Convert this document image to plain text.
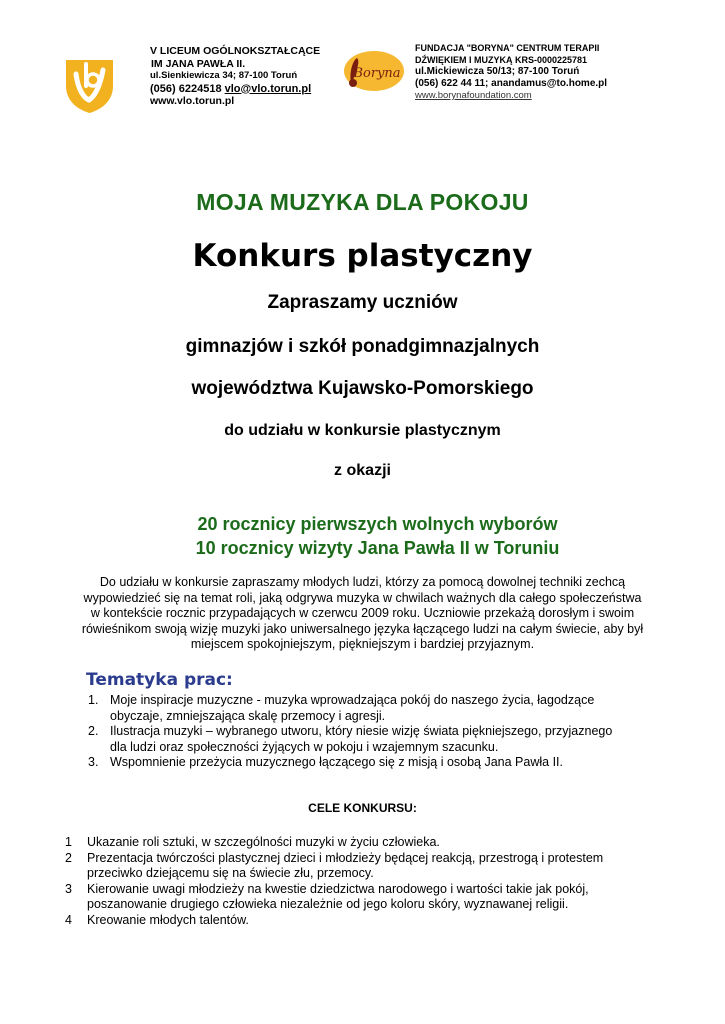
V LICEUM OGÓLNOKSZTAŁCĄCE
IM JANA PAWŁA II.
ul.Sienkiewicza 34; 87-100 Toruń
(056) 6224518 vlo@vlo.torun.pl
www.vlo.torun.pl
Boryna
FUNDACJA "BORYNA" CENTRUM TERAPII
DŹWIĘKIEM I MUZYKĄ KRS-0000225781
ul.Mickiewicza 50/13; 87-100 Toruń
(056) 622 44 11; anandamus@to.home.pl
www.borynafoundation.com
MOJA MUZYKA DLA POKOJU
Konkurs plastyczny
Zapraszamy uczniów
gimnazjów i szkół ponadgimnazjalnych
województwa Kujawsko-Pomorskiego
do udziału w konkursie plastycznym
z okazji
20 rocznicy pierwszych wolnych wyborów
10 rocznicy wizyty Jana Pawła II w Toruniu
Do udziału w konkursie zapraszamy młodych ludzi, którzy za pomocą dowolnej techniki zechcą
wypowiedzieć się na temat roli, jaką odgrywa muzyka w chwilach ważnych dla całego społeczeństwa
w kontekście rocznic przypadających w czerwcu 2009 roku. Uczniowie przekażą dorosłym i swoim
rówieśnikom swoją wizję muzyki jako uniwersalnego języka łączącego ludzi na całym świecie, aby był
miejscem spokojniejszym, piękniejszym i bardziej przyjaznym.
Tematyka prac:
1. Moje inspiracje muzyczne - muzyka wprowadzająca pokój do naszego życia, łagodzące
obyczaje, zmniejszająca skalę przemocy i agresji.
2. Ilustracja muzyki – wybranego utworu, który niesie wizję świata piękniejszego, przyjaznego
dla ludzi oraz społeczności żyjących w pokoju i wzajemnym szacunku.
3. Wspomnienie przeżycia muzycznego łączącego się z misją i osobą Jana Pawła II.
CELE KONKURSU:
1	Ukazanie roli sztuki, w szczególności muzyki w życiu człowieka.
2	Prezentacja twórczości plastycznej dzieci i młodzieży będącej reakcją, przestrogą i protestem
przeciwko dziejącemu się na świecie złu, przemocy.
3	Kierowanie uwagi młodzieży na kwestie dziedzictwa narodowego i wartości takie jak pokój,
poszanowanie drugiego człowieka niezależnie od jego koloru skóry, wyznawanej religii.
4	Kreowanie młodych talentów.
